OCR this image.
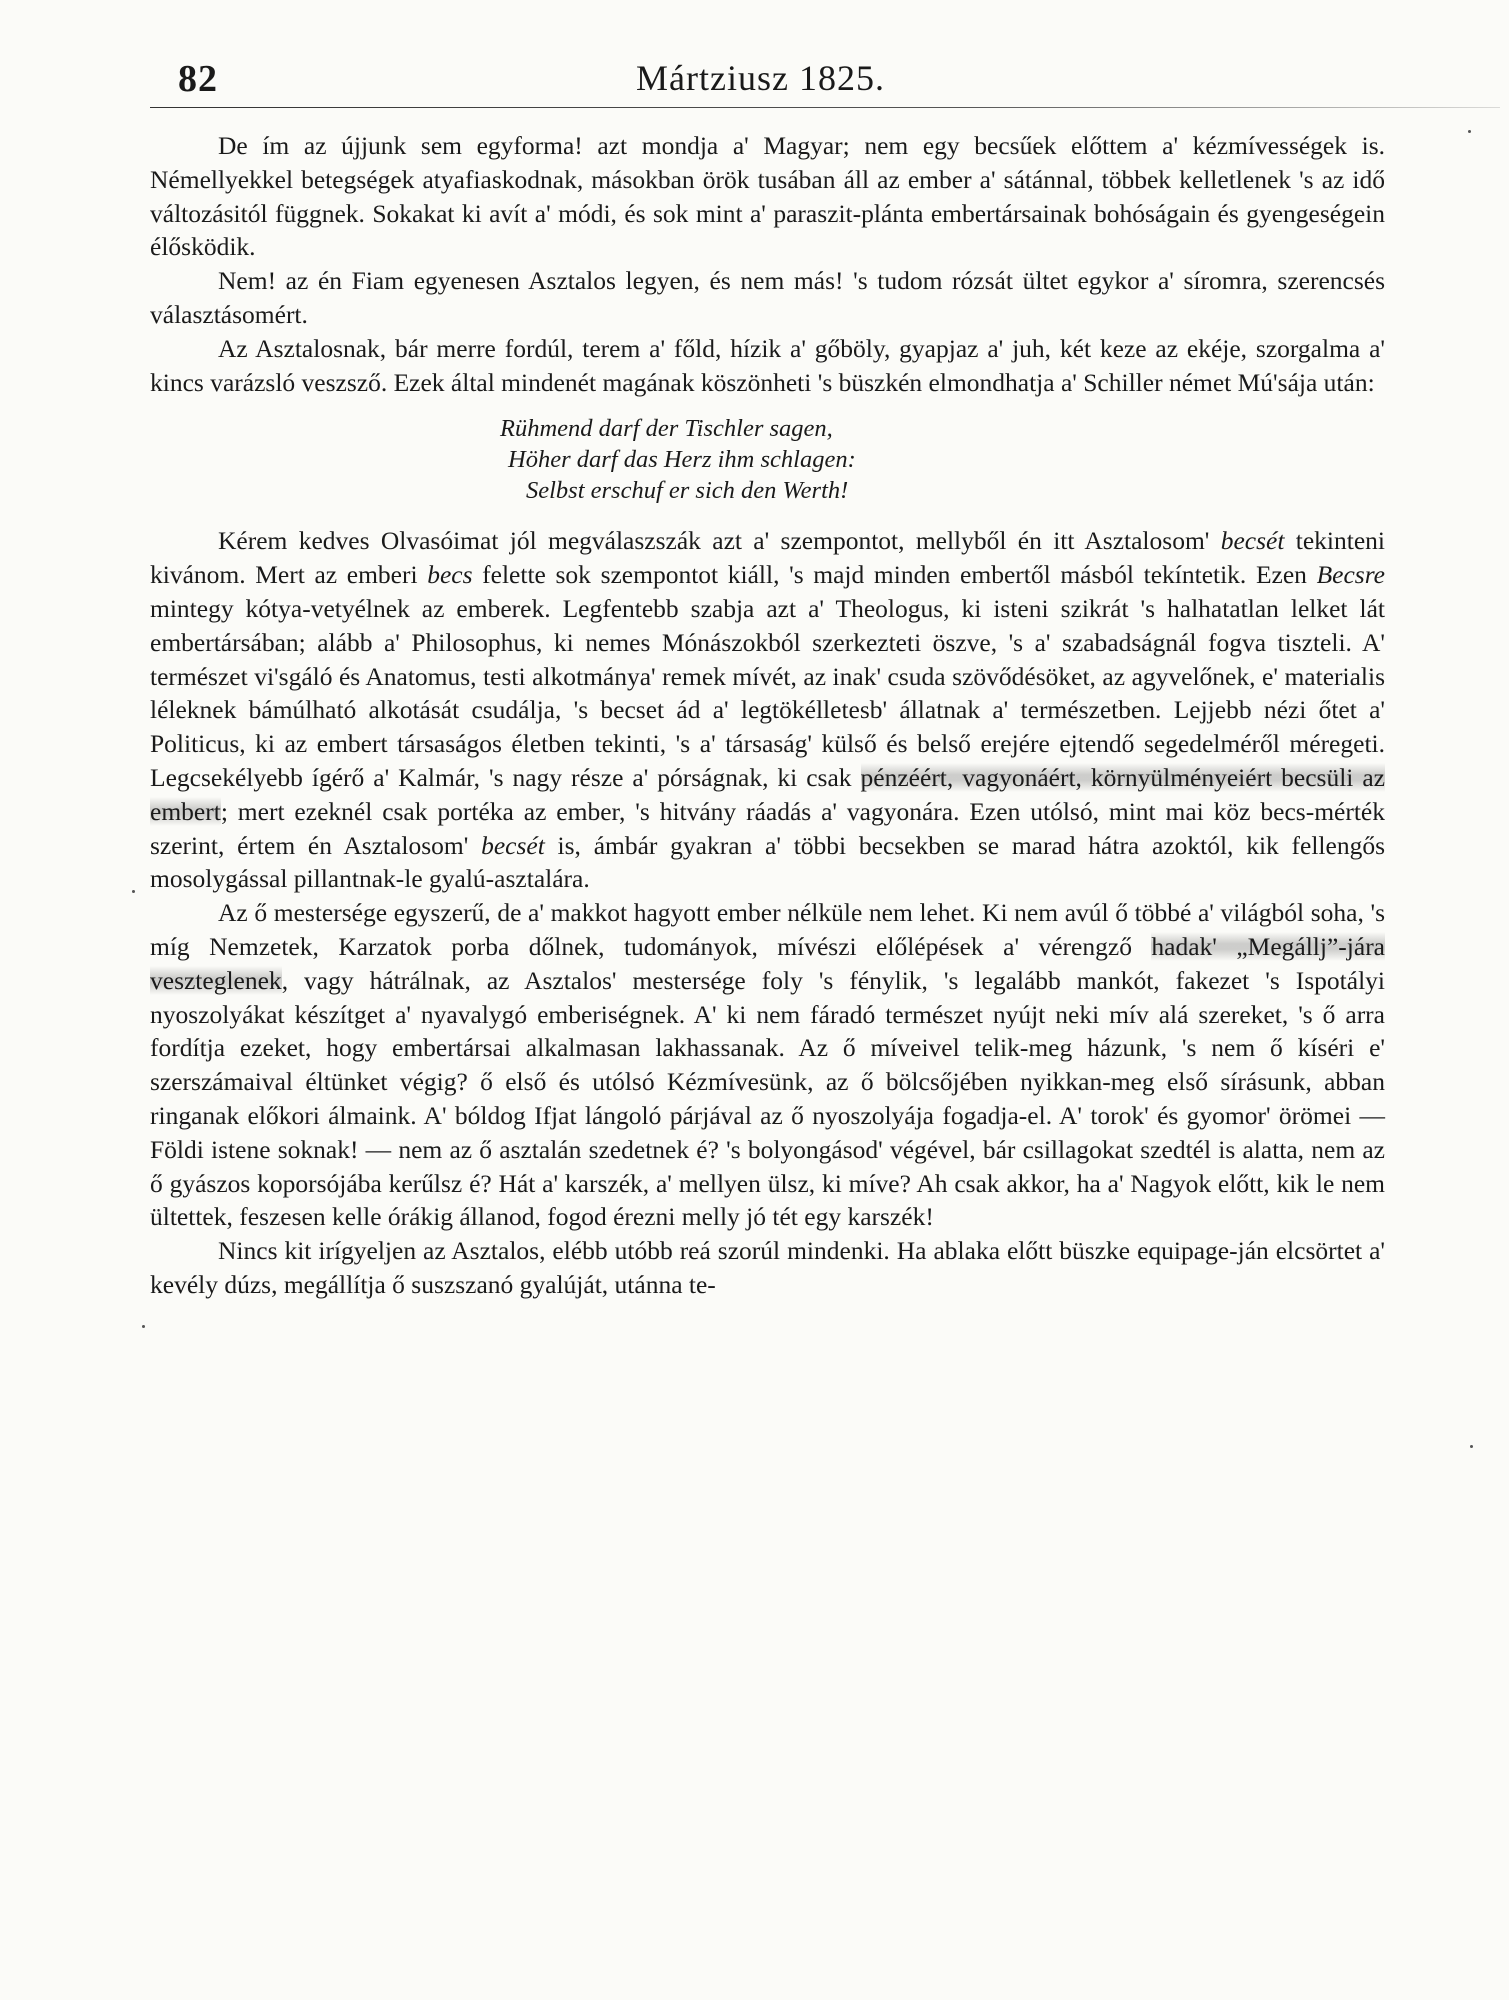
82	Mártziusz 1825.

De ím az újjunk sem egyforma! azt mondja a' Magyar; nem egy becsűek előttem a' kézmívességek is. Némellyekkel betegségek atyafiaskodnak, másokban örök tusában áll az ember a' sátánnal, többek kelletlenek 's az idő változásitól függnek. Sokakat ki avít a' módi, és sok mint a' paraszit-plánta embertársainak bohóságain és gyengeségein élősködik.

Nem! az én Fiam egyenesen Asztalos legyen, és nem más! 's tudom rózsát ültet egykor a' síromra, szerencsés választásomért.

Az Asztalosnak, bár merre fordúl, terem a' főld, hízik a' gőböly, gyapjaz a' juh, két keze az ekéje, szorgalma a' kincs varázsló veszsző. Ezek által mindenét magának köszönheti 's büszkén elmondhatja a' Schiller német Mú'sája után:

Rühmend darf der Tischler sagen,
Höher darf das Herz ihm schlagen:
Selbst erschuf er sich den Werth!

Kérem kedves Olvasóimat jól megválaszszák azt a' szempontot, mellyből én itt Asztalosom' becsét tekinteni kivánom. Mert az emberi becs felette sok szempontot kiáll, 's majd minden embertől másból tekíntetik. Ezen Becsre mintegy kótya-vetyélnek az emberek. Legfentebb szabja azt a' Theologus, ki isteni szikrát 's halhatatlan lelket lát embertársában; alább a' Philosophus, ki nemes Mónászokból szerkezteti öszve, 's a' szabadságnál fogva tiszteli. A' természet vi'sgáló és Anatomus, testi alkotmánya' remek mívét, az inak' csuda szövődésöket, az agyvelőnek, e' materialis léleknek bámúlható alkotását csudálja, 's becset ád a' legtökélletesb' állatnak a' természetben. Lejjebb nézi őtet a' Politicus, ki az embert társaságos életben tekinti, 's a' társaság' külső és belső erejére ejtendő segedelméről méregeti. Legcsekélyebb ígérő a' Kalmár, 's nagy része a' pórságnak, ki csak pénzéért, vagyonáért, környülményeiért becsüli az embert; mert ezeknél csak portéka az ember, 's hitvány ráadás a' vagyonára. Ezen utólsó, mint mai köz becs-mérték szerint, értem én Asztalosom' becsét is, ámbár gyakran a' többi becsekben se marad hátra azoktól, kik fellengős mosolygással pillantnak-le gyalú-asztalára.

Az ő mestersége egyszerű, de a' makkot hagyott ember nélküle nem lehet. Ki nem avúl ő többé a' világból soha, 's míg Nemzetek, Karzatok porba dőlnek, tudományok, mívészi előlépések a' vérengző hadak' „Megállj”-jára veszteglenek, vagy hátrálnak, az Asztalos' mestersége foly 's fénylik, 's legalább mankót, fakezet 's Ispotályi nyoszolyákat készítget a' nyavalygó emberiségnek. A' ki nem fáradó természet nyújt neki mív alá szereket, 's ő arra fordítja ezeket, hogy embertársai alkalmasan lakhassanak. Az ő míveivel telik-meg házunk, 's nem ő kíséri e' szerszámaival éltünket végig? ő első és utólsó Kézmívesünk, az ő bölcsőjében nyikkan-meg első sírásunk, abban ringanak előkori álmaink. A' bóldog Ifjat lángoló párjával az ő nyoszolyája fogadja-el. A' torok' és gyomor' örömei — Földi istene soknak! — nem az ő asztalán szedetnek é? 's bolyongásod' végével, bár csillagokat szedtél is alatta, nem az ő gyászos koporsójába kerűlsz é? Hát a' karszék, a' mellyen ülsz, ki míve? Ah csak akkor, ha a' Nagyok előtt, kik le nem ültettek, feszesen kelle órákig állanod, fogod érezni melly jó tét egy karszék!

Nincs kit irígyeljen az Asztalos, elébb utóbb reá szorúl mindenki. Ha ablaka előtt büszke equipage-ján elcsörtet a' kevély dúzs, megállítja ő suszszanó gyalúját, utánna te-
